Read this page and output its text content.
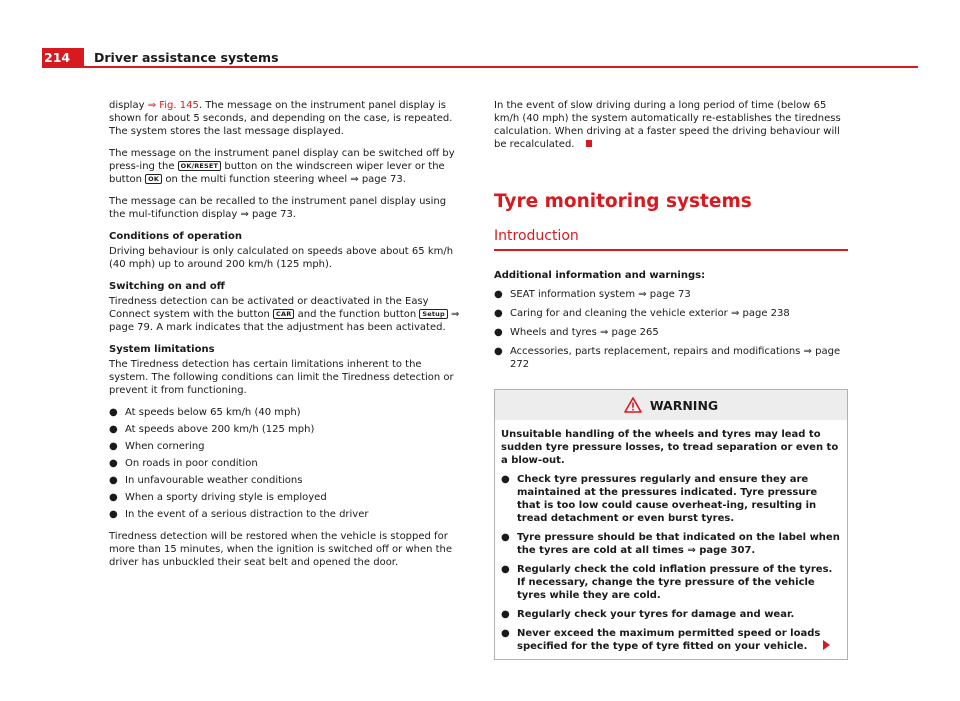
214	Driver assistance systems

display ⇒ Fig. 145. The message on the instrument panel display is shown for about 5 seconds, and depending on the case, is repeated. The system stores the last message displayed.

The message on the instrument panel display can be switched off by press-ing the OK/RESET button on the windscreen wiper lever or the button OK on the multi function steering wheel ⇒ page 73.

The message can be recalled to the instrument panel display using the mul-tifunction display ⇒ page 73.

Conditions of operation

Driving behaviour is only calculated on speeds above about 65 km/h (40 mph) up to around 200 km/h (125 mph).

Switching on and off

Tiredness detection can be activated or deactivated in the Easy Connect system with the button CAR and the function button Setup ⇒ page 79. A mark indicates that the adjustment has been activated.

System limitations

The Tiredness detection has certain limitations inherent to the system. The following conditions can limit the Tiredness detection or prevent it from functioning.

● At speeds below 65 km/h (40 mph)
● At speeds above 200 km/h (125 mph)
● When cornering
● On roads in poor condition
● In unfavourable weather conditions
● When a sporty driving style is employed
● In the event of a serious distraction to the driver

Tiredness detection will be restored when the vehicle is stopped for more than 15 minutes, when the ignition is switched off or when the driver has unbuckled their seat belt and opened the door.

In the event of slow driving during a long period of time (below 65 km/h (40 mph) the system automatically re-establishes the tiredness calculation. When driving at a faster speed the driving behaviour will be recalculated.

Tyre monitoring systems
Introduction

Additional information and warnings:

● SEAT information system ⇒ page 73
● Caring for and cleaning the vehicle exterior ⇒ page 238
● Wheels and tyres ⇒ page 265
● Accessories, parts replacement, repairs and modifications ⇒ page 272
WARNING

Unsuitable handling of the wheels and tyres may lead to sudden tyre pressure losses, to tread separation or even to a blow-out.

● Check tyre pressures regularly and ensure they are maintained at the pressures indicated. Tyre pressure that is too low could cause overheat-ing, resulting in tread detachment or even burst tyres.
● Tyre pressure should be that indicated on the label when the tyres are cold at all times ⇒ page 307.
● Regularly check the cold inflation pressure of the tyres. If necessary, change the tyre pressure of the vehicle tyres while they are cold.
● Regularly check your tyres for damage and wear.
● Never exceed the maximum permitted speed or loads specified for the type of tyre fitted on your vehicle.
